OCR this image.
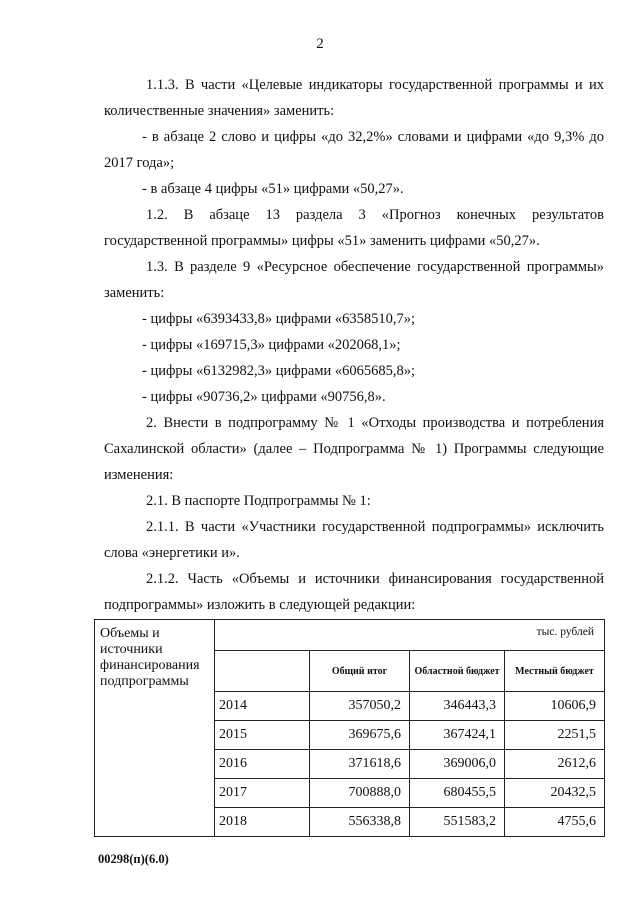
2

1.1.3. В части «Целевые индикаторы государственной программы и их количественные значения» заменить:

- в абзаце 2 слово и цифры «до 32,2%» словами и цифрами «до 9,3% до 2017 года»;

- в абзаце 4 цифры «51» цифрами «50,27».

1.2. В абзаце 13 раздела 3 «Прогноз конечных результатов государственной программы» цифры «51» заменить цифрами «50,27».

1.3. В разделе 9 «Ресурсное обеспечение государственной программы» заменить:

- цифры «6393433,8» цифрами «6358510,7»;

- цифры «169715,3» цифрами «202068,1»;

- цифры «6132982,3» цифрами «6065685,8»;

- цифры «90736,2» цифрами «90756,8».

2. Внести в подпрограмму № 1 «Отходы производства и потребления Сахалинской области» (далее – Подпрограмма № 1) Программы следующие изменения:

2.1. В паспорте Подпрограммы № 1:

2.1.1. В части «Участники государственной подпрограммы» исключить слова «энергетики и».

2.1.2. Часть «Объемы и источники финансирования государственной подпрограммы» изложить в следующей редакции:

Объемы и источники финансирования подпрограммы	тыс. рублей			
		Общий итог	Областной бюджет	Местный бюджет
	2014	357050,2	346443,3	10606,9
	2015	369675,6	367424,1	2251,5
	2016	371618,6	369006,0	2612,6
	2017	700888,0	680455,5	20432,5
	2018	556338,8	551583,2	4755,6
00298(п)(6.0)
